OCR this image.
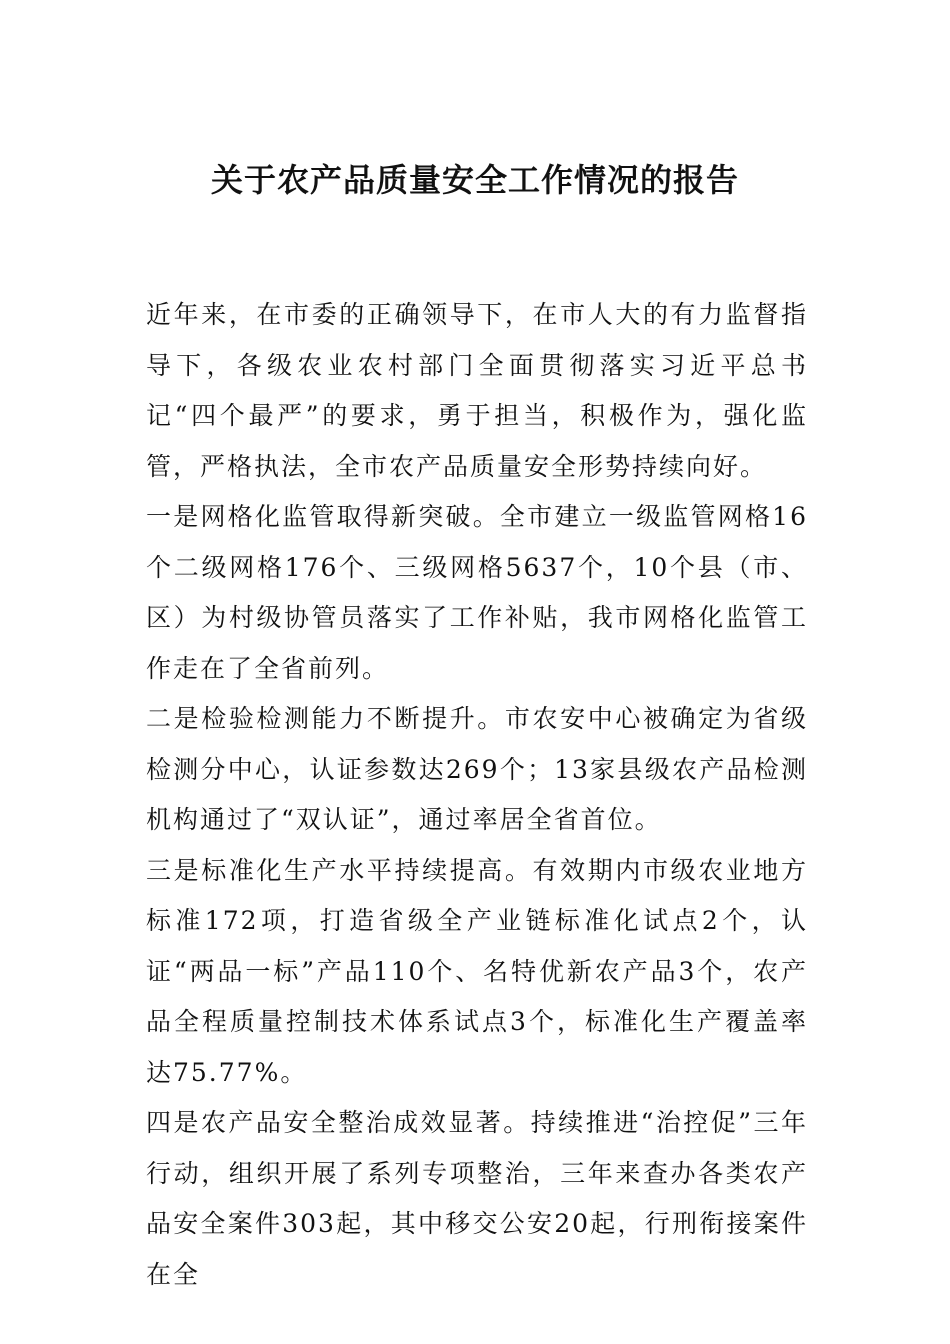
关于农产品质量安全工作情况的报告

近年来，在市委的正确领导下，在市人大的有力监督指导下，各级农业农村部门全面贯彻落实习近平总书记“四个最严”的要求，勇于担当，积极作为，强化监管，严格执法，全市农产品质量安全形势持续向好。

一是网格化监管取得新突破。全市建立一级监管网格16个二级网格176个、三级网格5637个，10个县（市、区）为村级协管员落实了工作补贴，我市网格化监管工作走在了全省前列。

二是检验检测能力不断提升。市农安中心被确定为省级检测分中心，认证参数达269个；13家县级农产品检测机构通过了“双认证”，通过率居全省首位。

三是标准化生产水平持续提高。有效期内市级农业地方标准172项，打造省级全产业链标准化试点2个，认证“两品一标”产品110个、名特优新农产品3个，农产品全程质量控制技术体系试点3个，标准化生产覆盖率达75.77%。

四是农产品安全整治成效显著。持续推进“治控促”三年行动，组织开展了系列专项整治，三年来查办各类农产品安全案件303起，其中移交公安20起，行刑衔接案件在全
